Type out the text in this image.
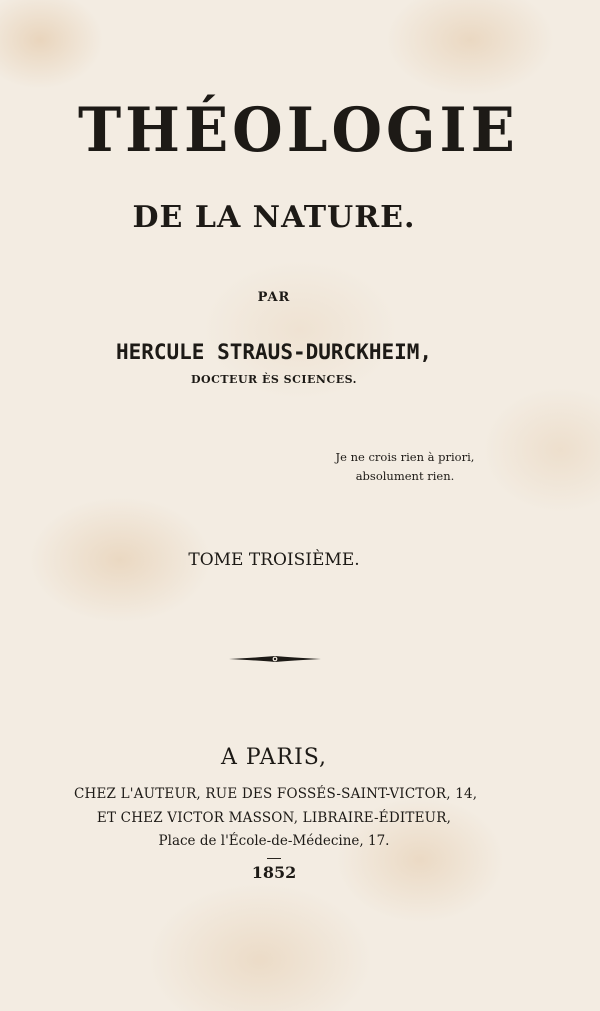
THÉOLOGIE
DE LA NATURE.
PAR
HERCULE STRAUS-DURCKHEIM,
DOCTEUR ÈS SCIENCES.
Je ne crois rien à priori,
absolument rien.
TOME TROISIÈME.
A PARIS,
CHEZ L'AUTEUR, RUE DES FOSSÉS-SAINT-VICTOR, 14,
ET CHEZ VICTOR MASSON, LIBRAIRE-ÉDITEUR,
Place de l'École-de-Médecine, 17.
1852
